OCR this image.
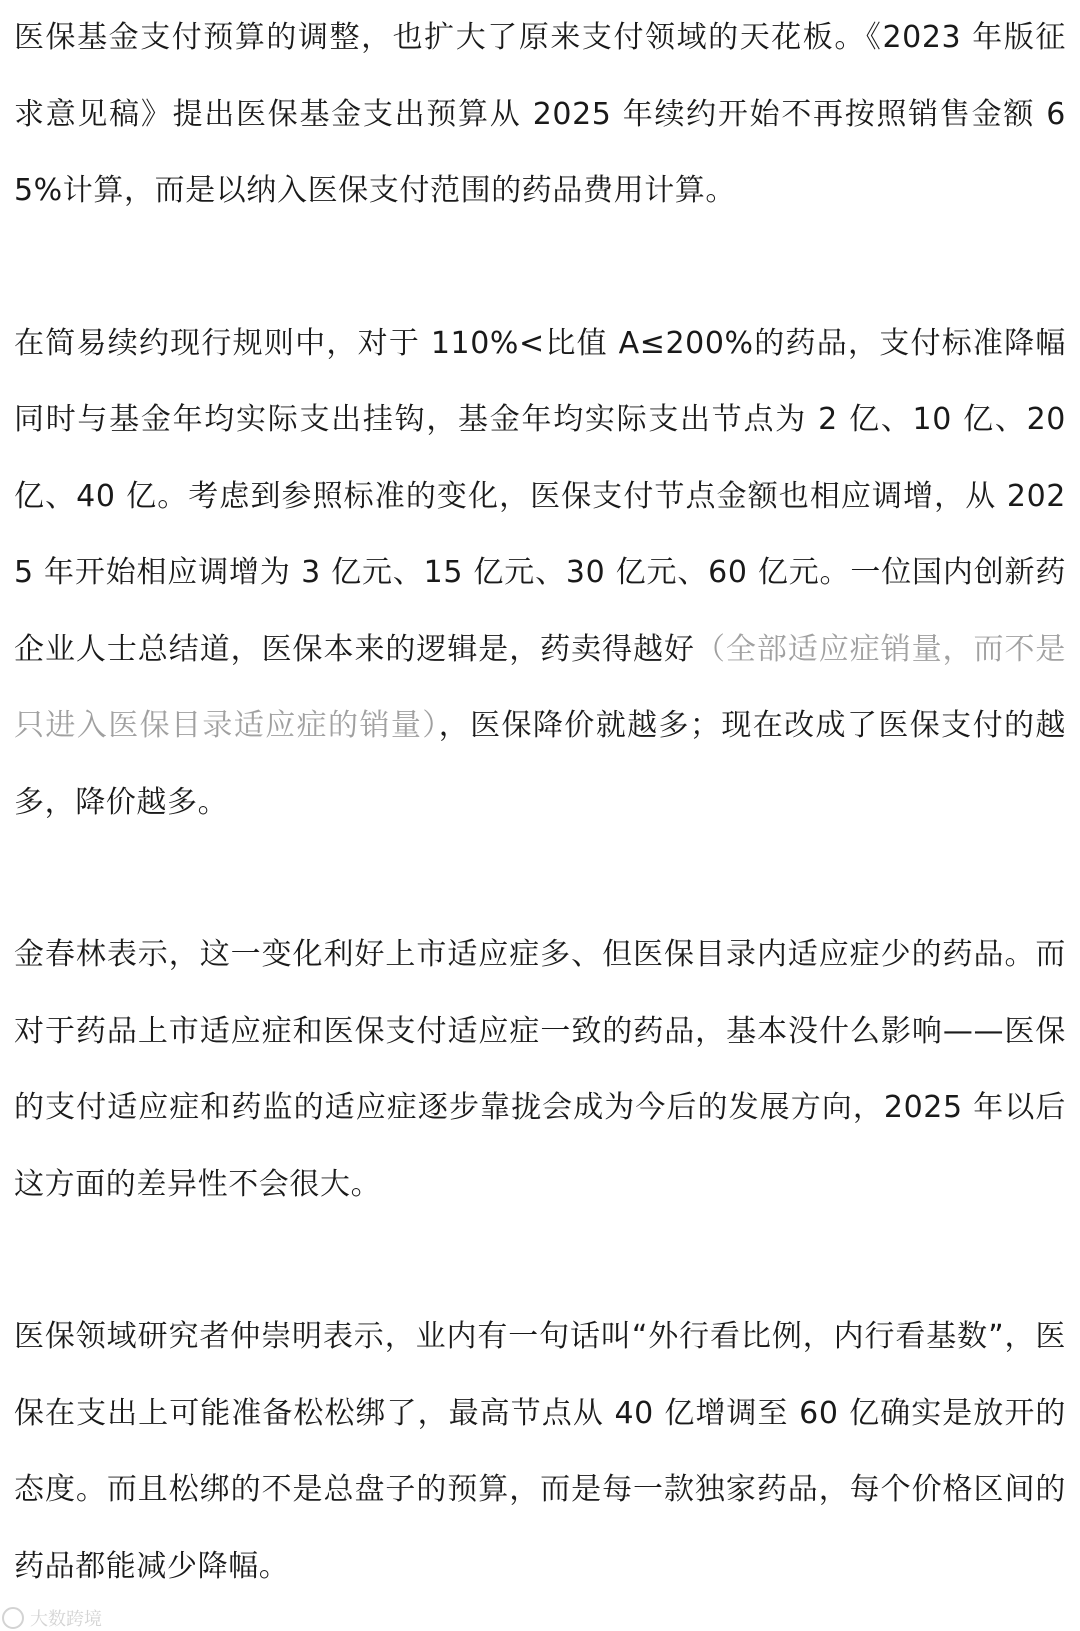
医保基金支付预算的调整，也扩大了原来支付领域的天花板。《2023 年版征求意见稿》提出医保基金支出预算从 2025 年续约开始不再按照销售金额 65%计算，而是以纳入医保支付范围的药品费用计算。

在简易续约现行规则中，对于 110%<比值 A≤200%的药品，支付标准降幅同时与基金年均实际支出挂钩，基金年均实际支出节点为 2 亿、10 亿、20 亿、40 亿。考虑到参照标准的变化，医保支付节点金额也相应调增，从 2025 年开始相应调增为 3 亿元、15 亿元、30 亿元、60 亿元。一位国内创新药企业人士总结道，医保本来的逻辑是，药卖得越好（全部适应症销量，而不是只进入医保目录适应症的销量），医保降价就越多；现在改成了医保支付的越多，降价越多。

金春林表示，这一变化利好上市适应症多、但医保目录内适应症少的药品。而对于药品上市适应症和医保支付适应症一致的药品，基本没什么影响——医保的支付适应症和药监的适应症逐步靠拢会成为今后的发展方向，2025 年以后这方面的差异性不会很大。

医保领域研究者仲崇明表示，业内有一句话叫“外行看比例，内行看基数”，医保在支出上可能准备松松绑了，最高节点从 40 亿增调至 60 亿确实是放开的态度。而且松绑的不是总盘子的预算，而是每一款独家药品，每个价格区间的药品都能减少降幅。

大数跨境
